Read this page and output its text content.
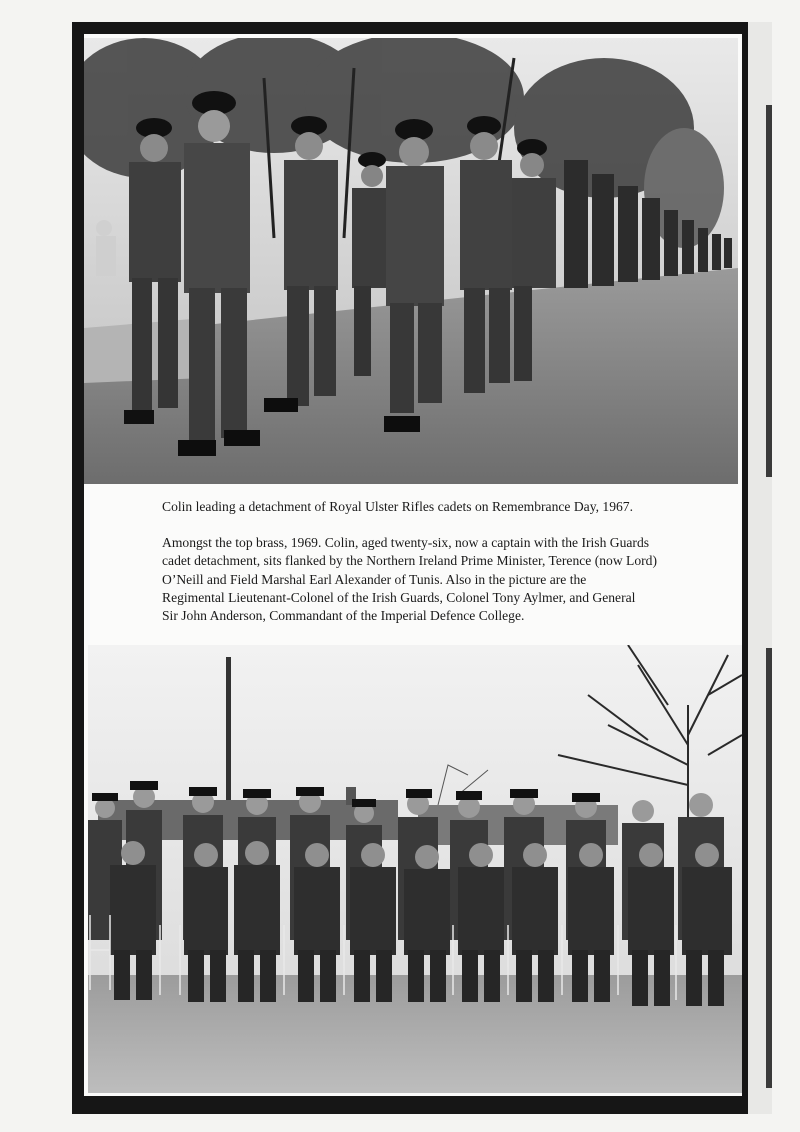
Colin leading a detachment of Royal Ulster Rifles cadets on Remembrance Day, 1967.

Amongst the top brass, 1969. Colin, aged twenty-six, now a captain with the Irish Guards
cadet detachment, sits flanked by the Northern Ireland Prime Minister, Terence (now Lord)
O’Neill and Field Marshal Earl Alexander of Tunis. Also in the picture are the
Regimental Lieutenant-Colonel of the Irish Guards, Colonel Tony Aylmer, and General
Sir John Anderson, Commandant of the Imperial Defence College.
